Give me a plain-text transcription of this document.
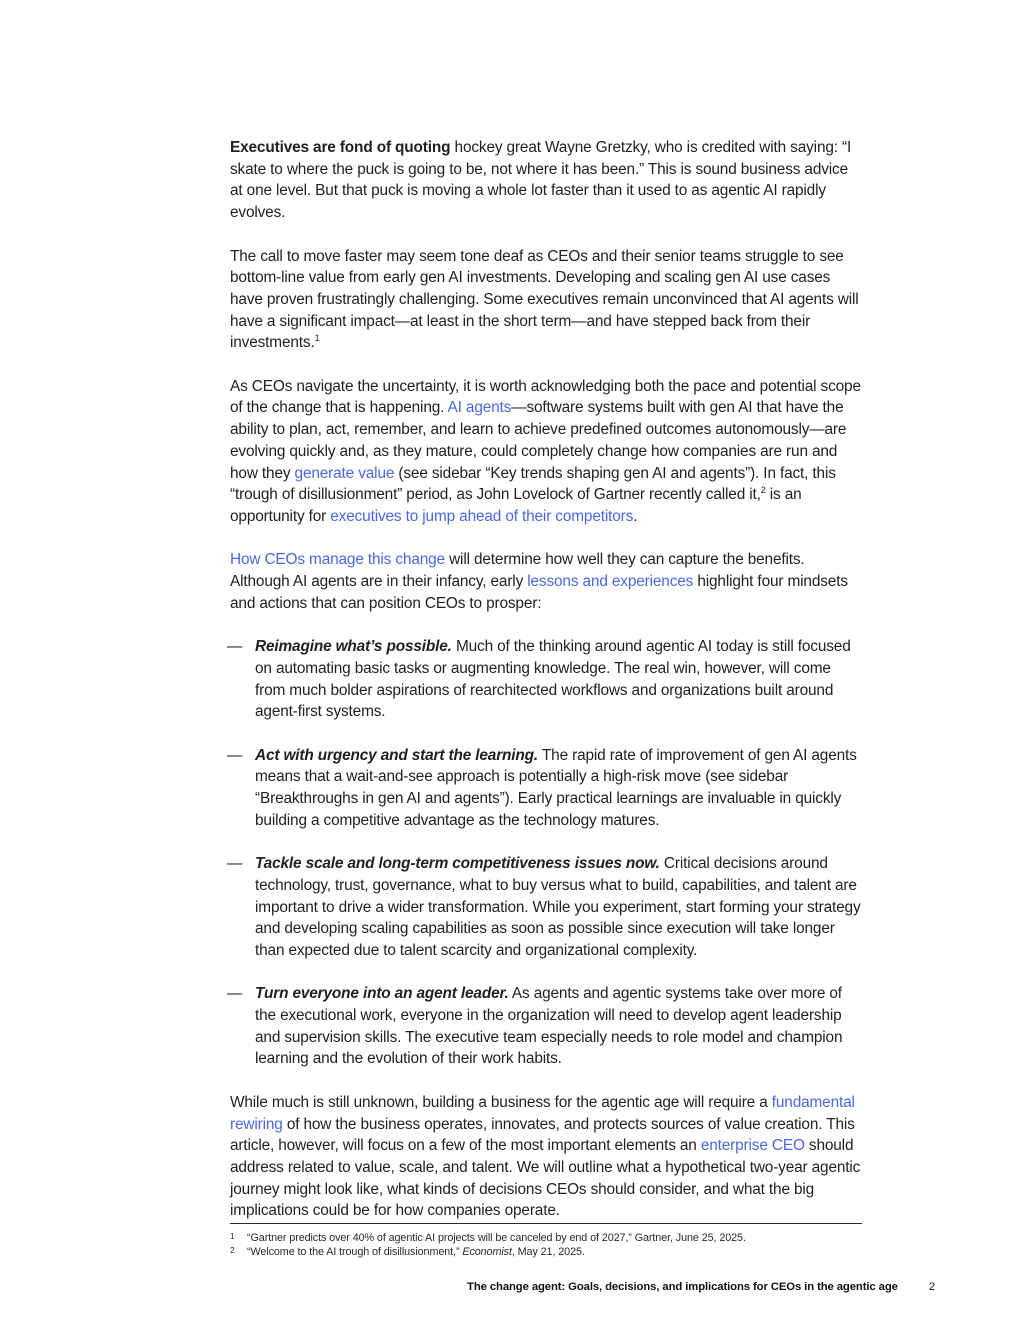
Executives are fond of quoting hockey great Wayne Gretzky, who is credited with saying: “I skate to where the puck is going to be, not where it has been.” This is sound business advice at one level. But that puck is moving a whole lot faster than it used to as agentic AI rapidly evolves.

The call to move faster may seem tone deaf as CEOs and their senior teams struggle to see bottom-line value from early gen AI investments. Developing and scaling gen AI use cases have proven frustratingly challenging. Some executives remain unconvinced that AI agents will have a significant impact—at least in the short term—and have stepped back from their investments.$^1$

As CEOs navigate the uncertainty, it is worth acknowledging both the pace and potential scope of the change that is happening. AI agents—software systems built with gen AI that have the ability to plan, act, remember, and learn to achieve predefined outcomes autonomously—are evolving quickly and, as they mature, could completely change how companies are run and how they generate value (see sidebar “Key trends shaping gen AI and agents”). In fact, this “trough of disillusionment” period, as John Lovelock of Gartner recently called it,$^2$ is an opportunity for executives to jump ahead of their competitors.

How CEOs manage this change will determine how well they can capture the benefits. Although AI agents are in their infancy, early lessons and experiences highlight four mindsets and actions that can position CEOs to prosper:

— Reimagine what’s possible. Much of the thinking around agentic AI today is still focused on automating basic tasks or augmenting knowledge. The real win, however, will come from much bolder aspirations of rearchitected workflows and organizations built around agent-first systems.
— Act with urgency and start the learning. The rapid rate of improvement of gen AI agents means that a wait-and-see approach is potentially a high-risk move (see sidebar “Breakthroughs in gen AI and agents”). Early practical learnings are invaluable in quickly building a competitive advantage as the technology matures.
— Tackle scale and long-term competitiveness issues now. Critical decisions around technology, trust, governance, what to buy versus what to build, capabilities, and talent are important to drive a wider transformation. While you experiment, start forming your strategy and developing scaling capabilities as soon as possible since execution will take longer than expected due to talent scarcity and organizational complexity.
— Turn everyone into an agent leader. As agents and agentic systems take over more of the executional work, everyone in the organization will need to develop agent leadership and supervision skills. The executive team especially needs to role model and champion learning and the evolution of their work habits.

While much is still unknown, building a business for the agentic age will require a fundamental rewiring of how the business operates, innovates, and protects sources of value creation. This article, however, will focus on a few of the most important elements an enterprise CEO should address related to value, scale, and talent. We will outline what a hypothetical two-year agentic journey might look like, what kinds of decisions CEOs should consider, and what the big implications could be for how companies operate.

1 “Gartner predicts over 40% of agentic AI projects will be canceled by end of 2027,” Gartner, June 25, 2025.
2 “Welcome to the AI trough of disillusionment,” Economist, May 21, 2025.
The change agent: Goals, decisions, and implications for CEOs in the agentic age	2
